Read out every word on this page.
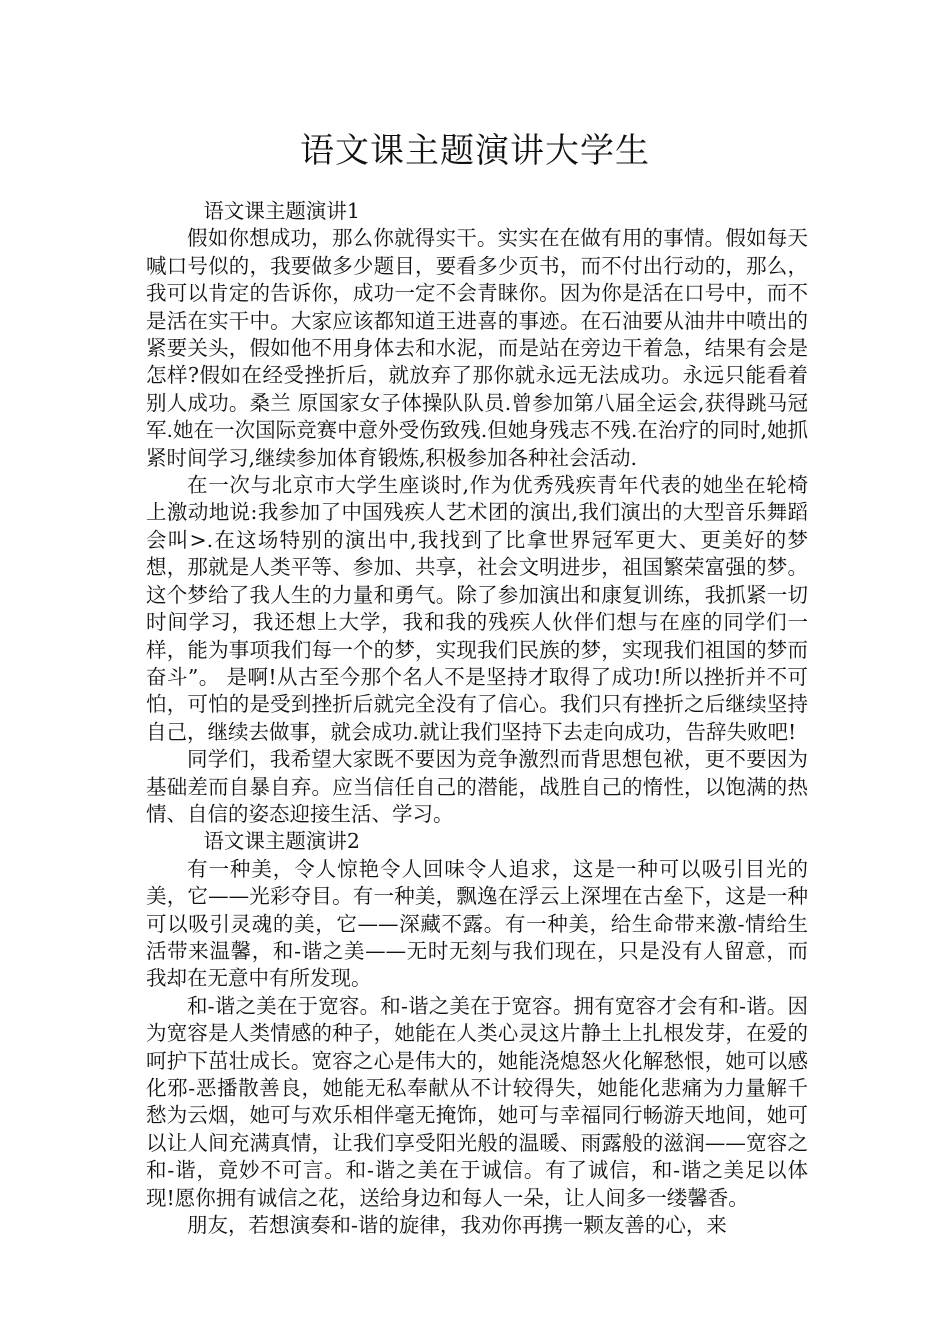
语文课主题演讲大学生

语文课主题演讲1

假如你想成功，那么你就得实干。实实在在做有用的事情。假如每天喊口号似的，我要做多少题目，要看多少页书，而不付出行动的，那么，我可以肯定的告诉你，成功一定不会青睐你。因为你是活在口号中，而不是活在实干中。大家应该都知道王进喜的事迹。在石油要从油井中喷出的紧要关头，假如他不用身体去和水泥，而是站在旁边干着急，结果有会是怎样?假如在经受挫折后，就放弃了那你就永远无法成功。永远只能看着别人成功。桑兰 原国家女子体操队队员.曾参加第八届全运会,获得跳马冠军.她在一次国际竞赛中意外受伤致残.但她身残志不残.在治疗的同时,她抓紧时间学习,继续参加体育锻炼,积极参加各种社会活动.

在一次与北京市大学生座谈时,作为优秀残疾青年代表的她坐在轮椅上激动地说:我参加了中国残疾人艺术团的演出,我们演出的大型音乐舞蹈会叫>.在这场特别的演出中,我找到了比拿世界冠军更大、更美好的梦想，那就是人类平等、参加、共享，社会文明进步，祖国繁荣富强的梦。这个梦给了我人生的力量和勇气。除了参加演出和康复训练，我抓紧一切时间学习，我还想上大学，我和我的残疾人伙伴们想与在座的同学们一样，能为事项我们每一个的梦，实现我们民族的梦，实现我们祖国的梦而奋斗”。 是啊!从古至今那个名人不是坚持才取得了成功!所以挫折并不可怕，可怕的是受到挫折后就完全没有了信心。我们只有挫折之后继续坚持自己，继续去做事，就会成功.就让我们坚持下去走向成功，告辞失败吧!

同学们，我希望大家既不要因为竞争激烈而背思想包袱，更不要因为基础差而自暴自弃。应当信任自己的潜能，战胜自己的惰性，以饱满的热情、自信的姿态迎接生活、学习。

语文课主题演讲2

有一种美，令人惊艳令人回味令人追求，这是一种可以吸引目光的美，它——光彩夺目。有一种美，飘逸在浮云上深埋在古垒下，这是一种可以吸引灵魂的美，它——深藏不露。有一种美，给生命带来激-情给生活带来温馨，和-谐之美——无时无刻与我们现在，只是没有人留意，而我却在无意中有所发现。

和-谐之美在于宽容。和-谐之美在于宽容。拥有宽容才会有和-谐。因为宽容是人类情感的种子，她能在人类心灵这片静土上扎根发芽，在爱的呵护下茁壮成长。宽容之心是伟大的，她能浇熄怒火化解愁恨，她可以感化邪-恶播散善良，她能无私奉献从不计较得失，她能化悲痛为力量解千愁为云烟，她可与欢乐相伴毫无掩饰，她可与幸福同行畅游天地间，她可以让人间充满真情，让我们享受阳光般的温暖、雨露般的滋润——宽容之和-谐，竟妙不可言。和-谐之美在于诚信。有了诚信，和-谐之美足以体现!愿你拥有诚信之花，送给身边和每人一朵，让人间多一缕馨香。

朋友，若想演奏和-谐的旋律，我劝你再携一颗友善的心，来
